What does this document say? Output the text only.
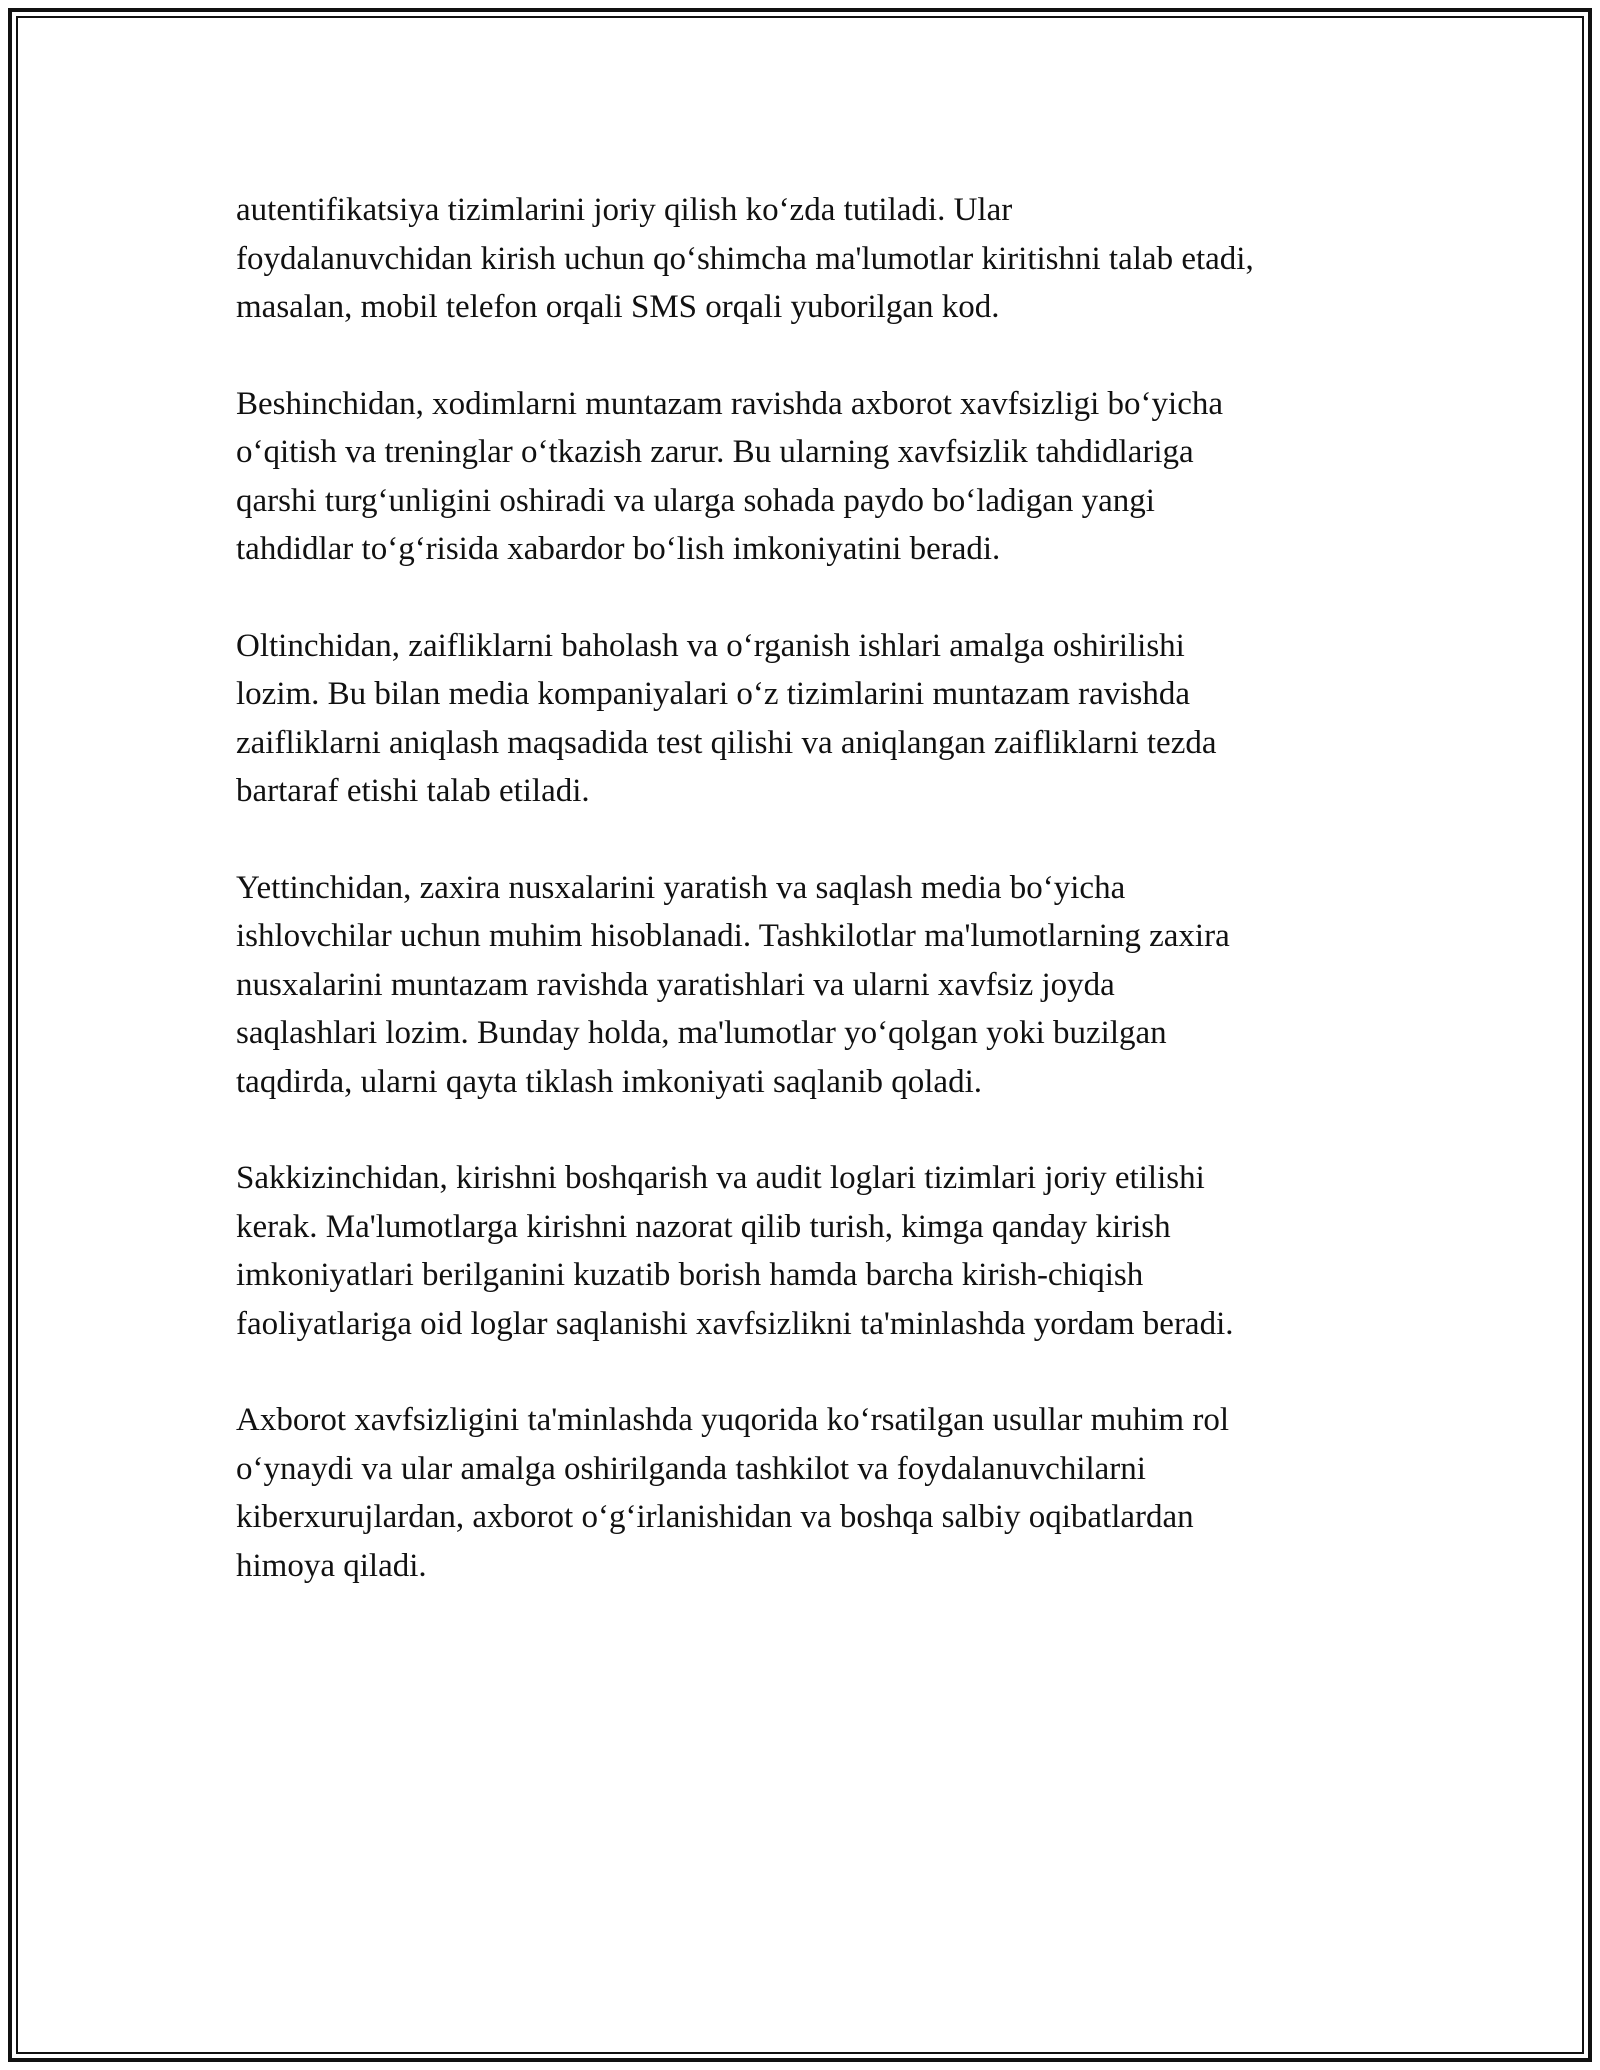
autentifikatsiya tizimlarini joriy qilish koʻzda tutiladi. Ular
foydalanuvchidan kirish uchun qoʻshimcha ma'lumotlar kiritishni talab etadi,
masalan, mobil telefon orqali SMS orqali yuborilgan kod.

Beshinchidan, xodimlarni muntazam ravishda axborot xavfsizligi boʻyicha
oʻqitish va treninglar oʻtkazish zarur. Bu ularning xavfsizlik tahdidlariga
qarshi turgʻunligini oshiradi va ularga sohada paydo boʻladigan yangi
tahdidlar toʻgʻrisida xabardor boʻlish imkoniyatini beradi.

Oltinchidan, zaifliklarni baholash va oʻrganish ishlari amalga oshirilishi
lozim. Bu bilan media kompaniyalari oʻz tizimlarini muntazam ravishda
zaifliklarni aniqlash maqsadida test qilishi va aniqlangan zaifliklarni tezda
bartaraf etishi talab etiladi.

Yettinchidan, zaxira nusxalarini yaratish va saqlash media boʻyicha
ishlovchilar uchun muhim hisoblanadi. Tashkilotlar ma'lumotlarning zaxira
nusxalarini muntazam ravishda yaratishlari va ularni xavfsiz joyda
saqlashlari lozim. Bunday holda, ma'lumotlar yoʻqolgan yoki buzilgan
taqdirda, ularni qayta tiklash imkoniyati saqlanib qoladi.

Sakkizinchidan, kirishni boshqarish va audit loglari tizimlari joriy etilishi
kerak. Ma'lumotlarga kirishni nazorat qilib turish, kimga qanday kirish
imkoniyatlari berilganini kuzatib borish hamda barcha kirish-chiqish
faoliyatlariga oid loglar saqlanishi xavfsizlikni ta'minlashda yordam beradi.

Axborot xavfsizligini ta'minlashda yuqorida koʻrsatilgan usullar muhim rol
oʻynaydi va ular amalga oshirilganda tashkilot va foydalanuvchilarni
kiberxurujlardan, axborot oʻgʻirlanishidan va boshqa salbiy oqibatlardan
himoya qiladi.
